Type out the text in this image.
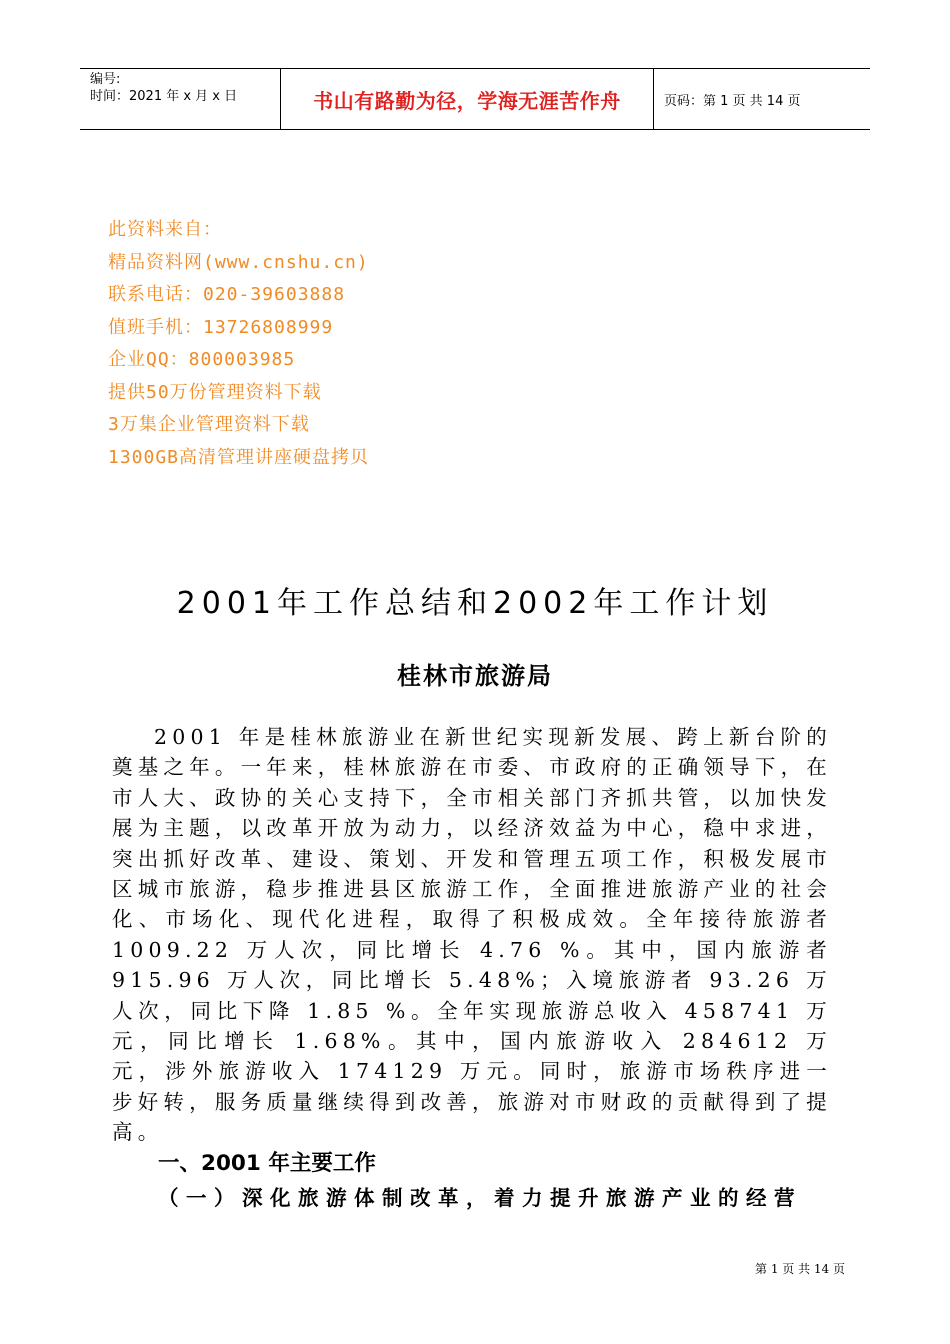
编号:
时间：2021 年 x 月 x 日	书山有路勤为径，学海无涯苦作舟	页码：第 1 页 共 14 页
此资料来自：
精品资料网(www.cnshu.cn)
联系电话：020-39603888
值班手机：13726808999
企业QQ：800003985
提供50万份管理资料下载
3万集企业管理资料下载
1300GB高清管理讲座硬盘拷贝
2001年工作总结和2002年工作计划
桂林市旅游局

2001 年是桂林旅游业在新世纪实现新发展、跨上新台阶的奠基之年。一年来，桂林旅游在市委、市政府的正确领导下，在市人大、政协的关心支持下，全市相关部门齐抓共管，以加快发展为主题，以改革开放为动力，以经济效益为中心，稳中求进，突出抓好改革、建设、策划、开发和管理五项工作，积极发展市区城市旅游，稳步推进县区旅游工作，全面推进旅游产业的社会化、市场化、现代化进程，取得了积极成效。全年接待旅游者 1009.22 万人次，同比增长 4.76 %。其中，国内旅游者 915.96 万人次，同比增长 5.48%；入境旅游者 93.26 万人次，同比下降 1.85 %。全年实现旅游总收入 458741 万元，同比增长 1.68%。其中，国内旅游收入 284612 万元，涉外旅游收入 174129 万元。同时，旅游市场秩序进一步好转，服务质量继续得到改善，旅游对市财政的贡献得到了提高。

一、2001 年主要工作
（一）深化旅游体制改革，着力提升旅游产业的经营
第 1 页 共 14 页
